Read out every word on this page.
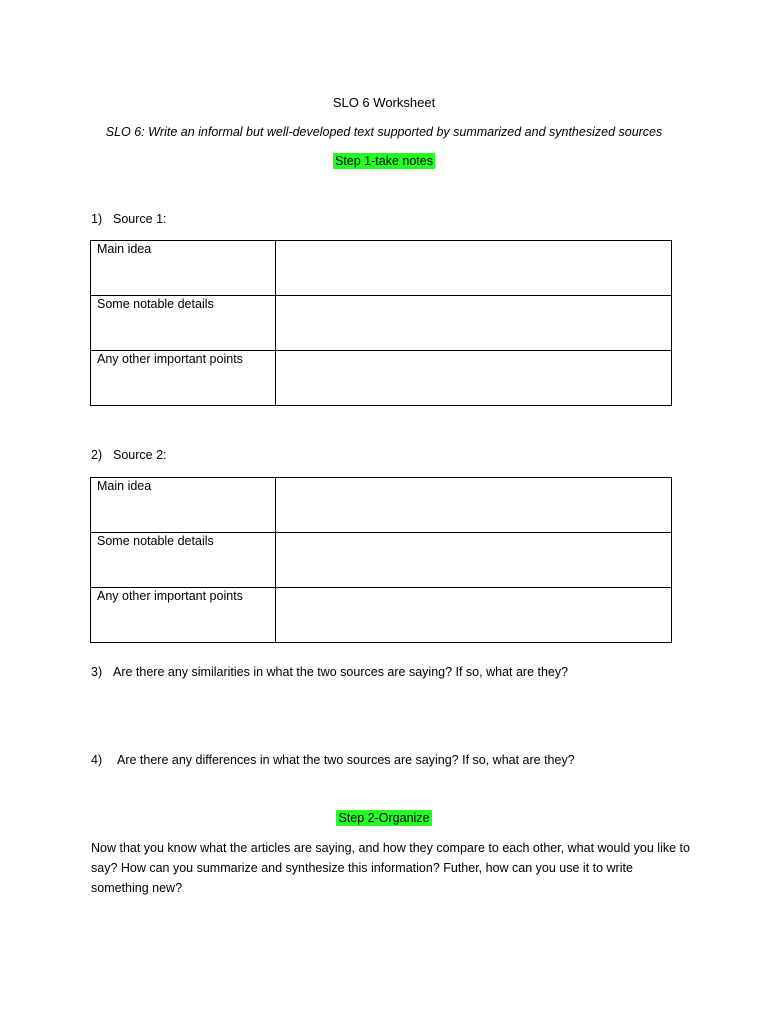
SLO 6 Worksheet
SLO 6: Write an informal but well-developed text supported by summarized and synthesized sources
Step 1-take notes
1) Source 1:
Main idea	
Some notable details	
Any other important points	
2) Source 2:
Main idea	
Some notable details	
Any other important points	
3) Are there any similarities in what the two sources are saying? If so, what are they?
4) Are there any differences in what the two sources are saying? If so, what are they?
Step 2-Organize
Now that you know what the articles are saying, and how they compare to each other, what would you like to say? How can you summarize and synthesize this information? Futher, how can you use it to write something new?
